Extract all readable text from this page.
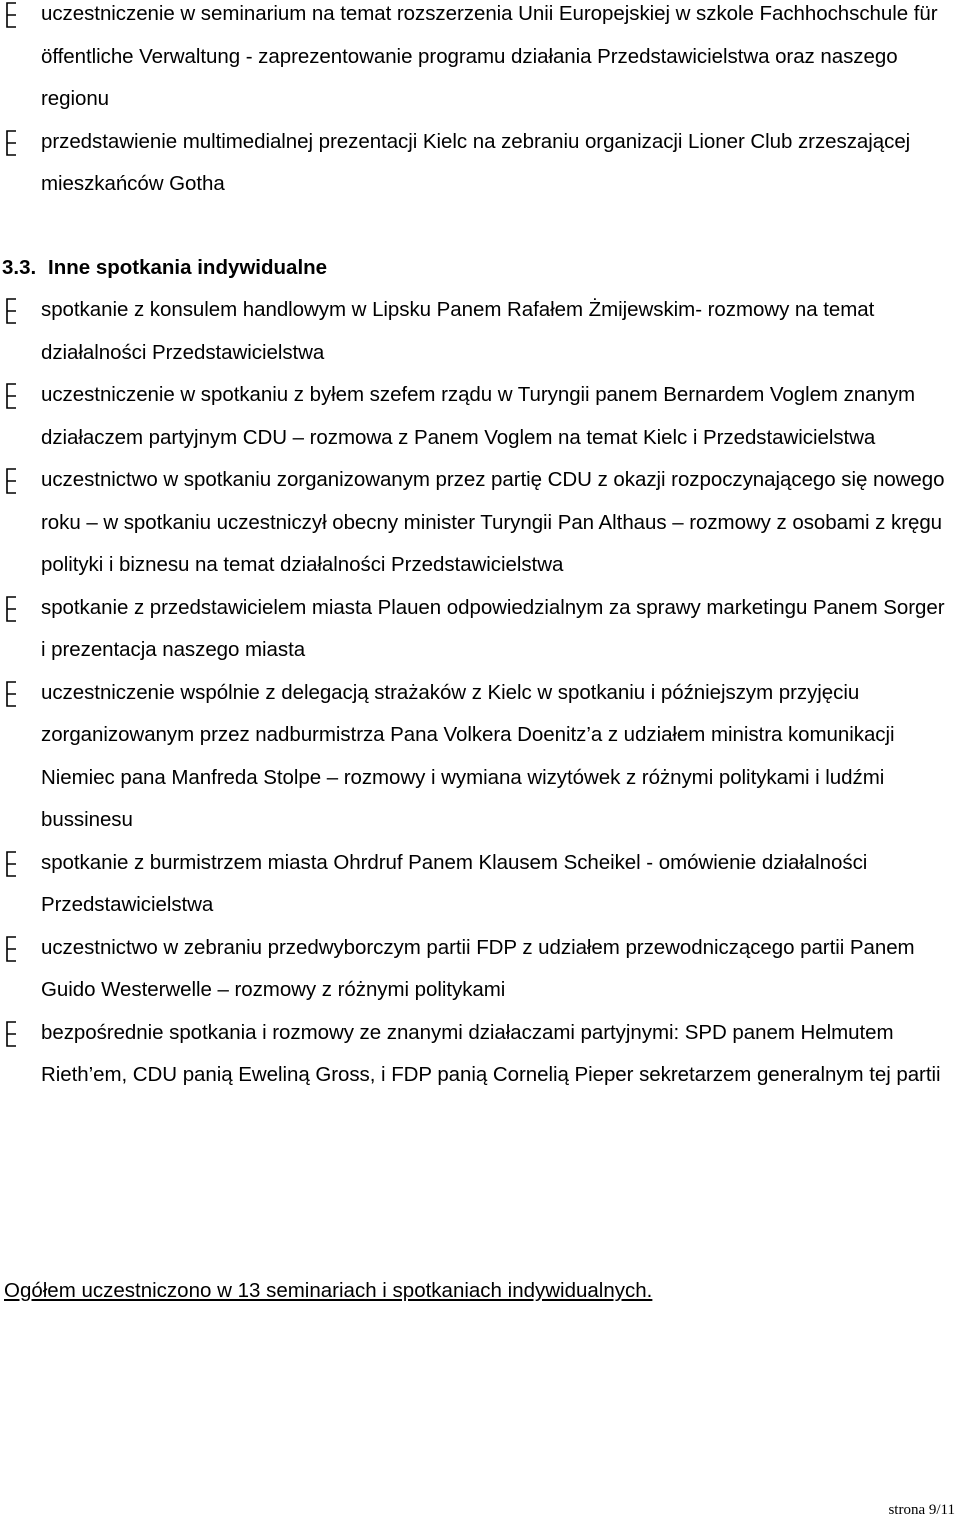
uczestniczenie w seminarium na temat rozszerzenia Unii Europejskiej w szkole Fachhochschule für öffentliche Verwaltung - zaprezentowanie programu działania Przedstawicielstwa oraz naszego regionu
przedstawienie multimedialnej prezentacji Kielc na zebraniu organizacji Lioner Club zrzeszającej mieszkańców Gotha
3.3. Inne spotkania indywidualne
spotkanie z konsulem handlowym w Lipsku Panem Rafałem Żmijewskim- rozmowy na temat działalności Przedstawicielstwa
uczestniczenie w spotkaniu z byłem szefem rządu w Turyngii panem Bernardem Voglem znanym działaczem partyjnym CDU – rozmowa z Panem Voglem na temat Kielc i Przedstawicielstwa
uczestnictwo w spotkaniu zorganizowanym przez partię CDU z okazji rozpoczynającego się nowego roku – w spotkaniu uczestniczył obecny minister Turyngii Pan Althaus – rozmowy z osobami z kręgu polityki i biznesu na temat działalności Przedstawicielstwa
spotkanie z przedstawicielem miasta Plauen odpowiedzialnym za sprawy marketingu Panem Sorger i prezentacja naszego miasta
uczestniczenie wspólnie z delegacją strażaków z Kielc w spotkaniu i późniejszym przyjęciu zorganizowanym przez nadburmistrza Pana Volkera Doenitz’a z udziałem ministra komunikacji Niemiec pana Manfreda Stolpe – rozmowy i wymiana wizytówek z różnymi politykami i ludźmi bussinesu
spotkanie z burmistrzem miasta Ohrdruf Panem Klausem Scheikel - omówienie działalności Przedstawicielstwa
uczestnictwo w zebraniu przedwyborczym partii FDP z udziałem przewodniczącego partii Panem Guido Westerwelle – rozmowy z różnymi politykami
bezpośrednie spotkania i rozmowy ze znanymi działaczami partyjnymi: SPD panem Helmutem Rieth’em, CDU panią Eweliną Gross, i FDP panią Cornelią Pieper sekretarzem generalnym tej partii
Ogółem uczestniczono w 13 seminariach i spotkaniach indywidualnych.
strona 9/11
